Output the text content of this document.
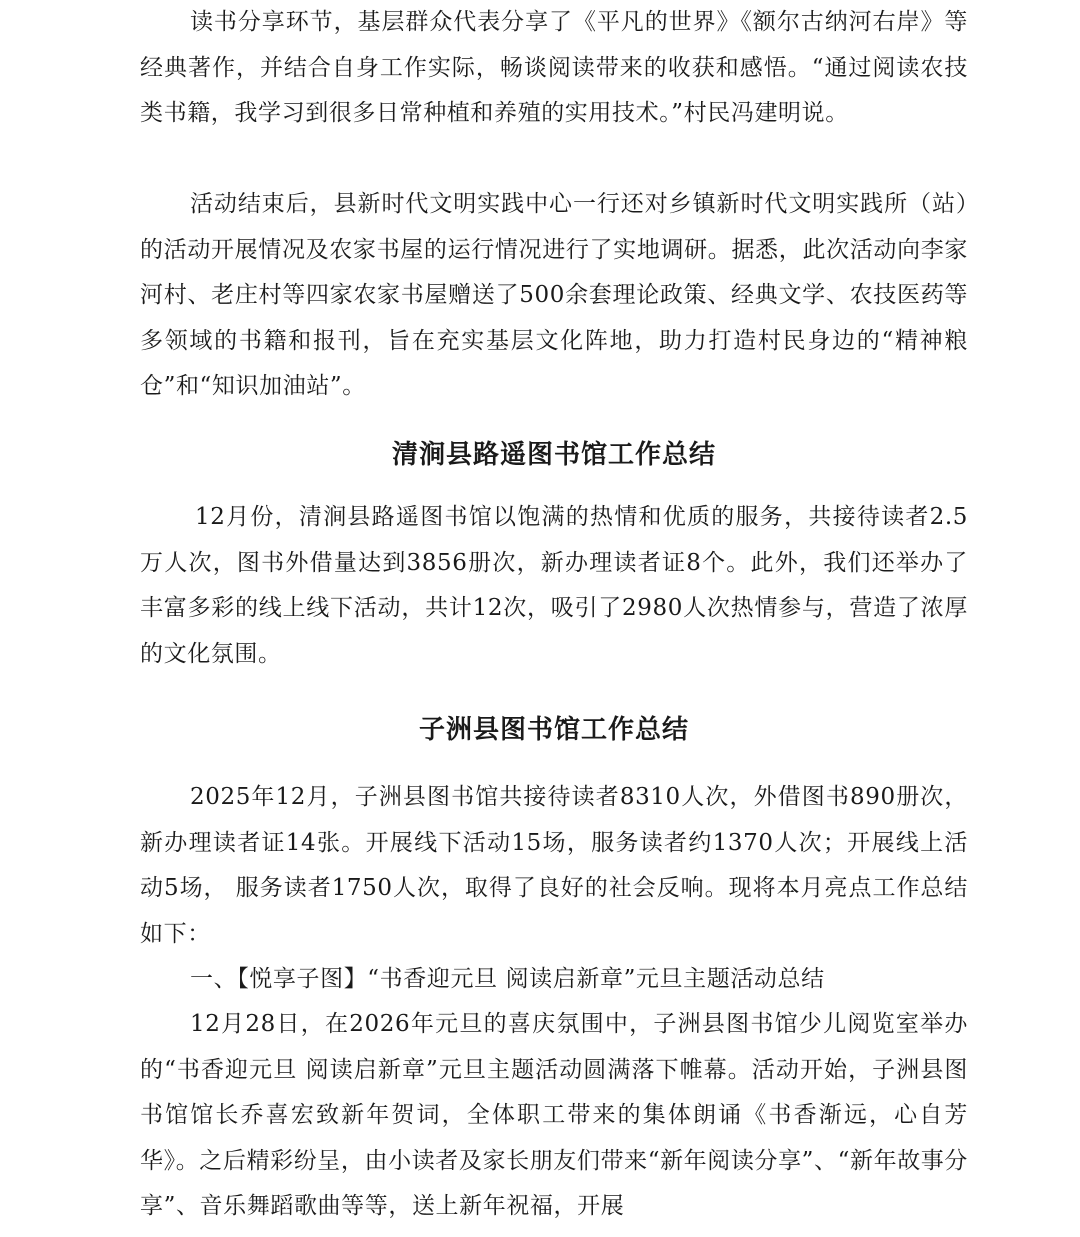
读书分享环节，基层群众代表分享了《平凡的世界》《额尔古纳河右岸》等经典著作，并结合自身工作实际，畅谈阅读带来的收获和感悟。“通过阅读农技类书籍，我学习到很多日常种植和养殖的实用技术。”村民冯建明说。

活动结束后，县新时代文明实践中心一行还对乡镇新时代文明实践所（站）的活动开展情况及农家书屋的运行情况进行了实地调研。据悉，此次活动向李家河村、老庄村等四家农家书屋赠送了500余套理论政策、经典文学、农技医药等多领域的书籍和报刊，旨在充实基层文化阵地，助力打造村民身边的“精神粮仓”和“知识加油站”。

清涧县路遥图书馆工作总结

12月份，清涧县路遥图书馆以饱满的热情和优质的服务，共接待读者2.5万人次，图书外借量达到3856册次，新办理读者证8个。此外，我们还举办了丰富多彩的线上线下活动，共计12次，吸引了2980人次热情参与，营造了浓厚的文化氛围。

子洲县图书馆工作总结

2025年12月，子洲县图书馆共接待读者8310人次，外借图书890册次，新办理读者证14张。开展线下活动15场，服务读者约1370人次；开展线上活动5场， 服务读者1750人次，取得了良好的社会反响。现将本月亮点工作总结如下：

一、【悦享子图】“书香迎元旦 阅读启新章”元旦主题活动总结

12月28日，在2026年元旦的喜庆氛围中，子洲县图书馆少儿阅览室举办的“书香迎元旦 阅读启新章”元旦主题活动圆满落下帷幕。活动开始，子洲县图书馆馆长乔喜宏致新年贺词，全体职工带来的集体朗诵《书香渐远，心自芳华》。之后精彩纷呈，由小读者及家长朋友们带来“新年阅读分享”、“新年故事分享”、音乐舞蹈歌曲等等，送上新年祝福，开展
